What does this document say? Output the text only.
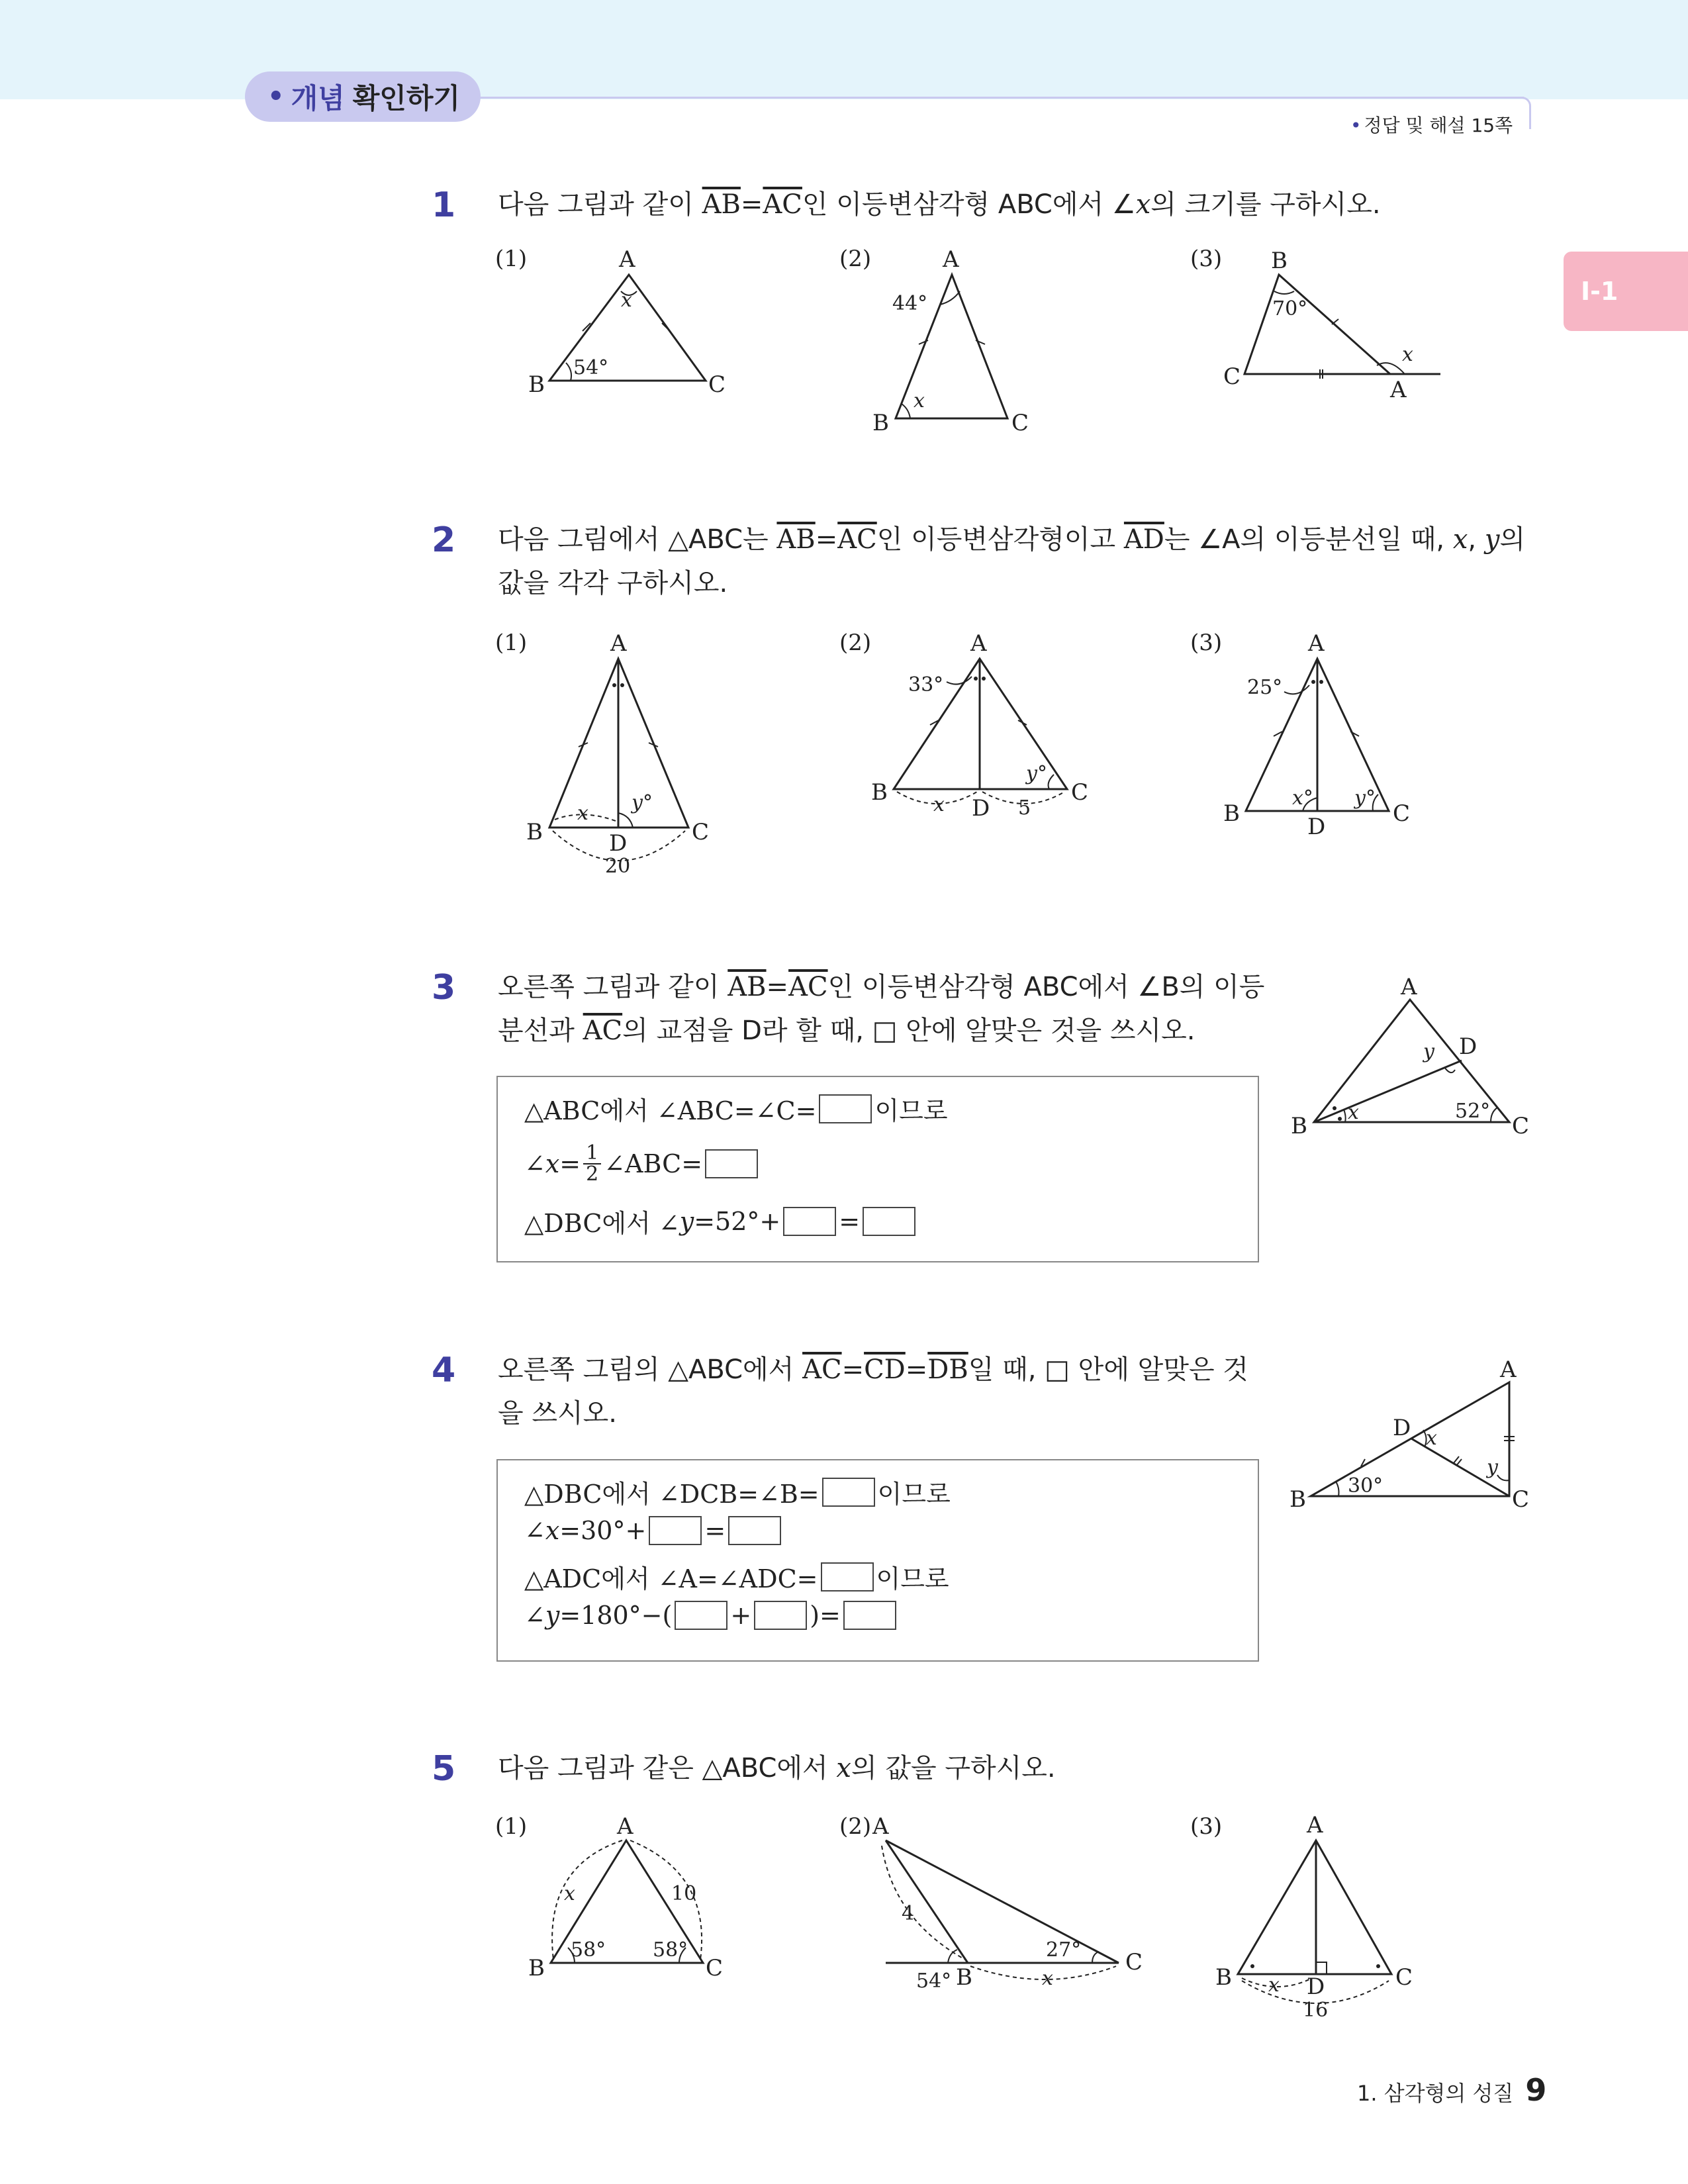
• 개념 확인하기
• 정답 및 해설 15쪽
Ⅰ-1
1 다음 그림과 같이 $\overline{AB}=\overline{AC}$인 이등변삼각형 ABC에서 ∠x의 크기를 구하시오.
(1)	A
x
B	C
54°
(2)	A
44°
x
B	C
(3) B
70°
C	A
x
2 다음 그림에서 △ABC는 $\overline{AB}=\overline{AC}$인 이등변삼각형이고 $\overline{AD}$는 ∠A의 이등분선일 때, x, y의
값을 각각 구하시오.
(1)	A
B	C
D
x y°
20
(2)	A
33°
B	C
D
x	5
y°
(3)	A
25°
B	C
D
x° y°
3 오른쪽 그림과 같이 $\overline{AB}=\overline{AC}$인 이등변삼각형 ABC에서 ∠B의 이등
분선과 $\overline{AC}$의 교점을 D라 할 때, □ 안에 알맞은 것을 쓰시오.
△ABC에서 ∠ABC=∠C= 이므로
∠ $x = \frac{1}{2}$ ∠ABC=
△DBC에서 ∠ y =52°+ =
A
D
y
B	C
x	52°
4 오른쪽 그림의 △ABC에서 $\overline{AC}=\overline{CD}=\overline{DB}$일 때, □ 안에 알맞은 것
을 쓰시오.
△DBC에서 ∠DCB=∠B= 이므로
∠ x =30°+ =
△ADC에서 ∠A=∠ADC= 이므로
∠ y =180°−( + )=
A
D x
y
B	C
30°
5 다음 그림과 같은 △ABC에서 x의 값을 구하시오.
(1)	A
x	10
B	C
58° 58°
(2) A
4
54° B	x
27° C
(3)	A
B	C
D
x
16
1. 삼각형의 성질 9
